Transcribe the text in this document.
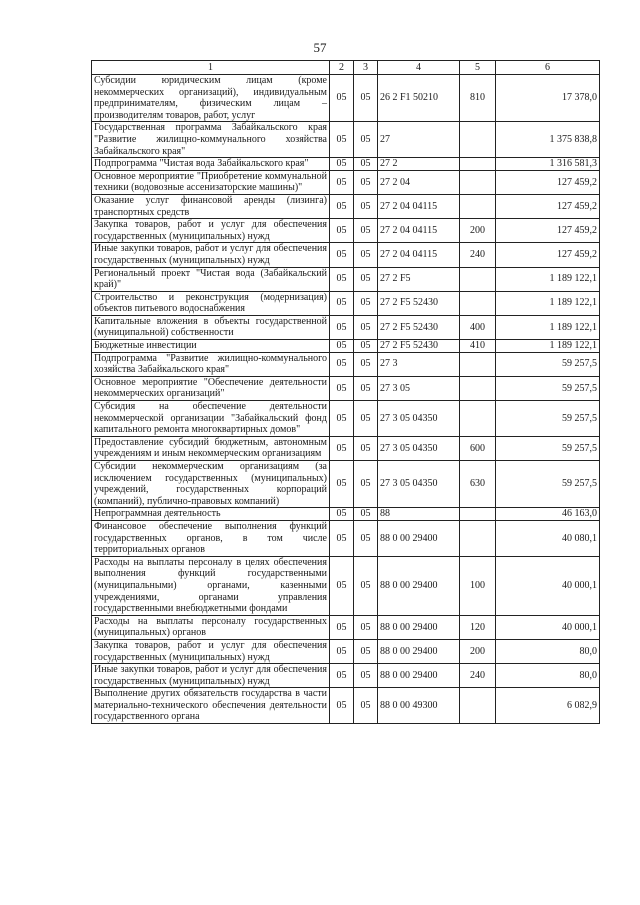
57
1	2	3	4	5	6
Субсидии юридическим лицам (кроме некоммерческих организаций), индивидуальным предпринимателям, физическим лицам – производителям товаров, работ, услуг	05	05	26 2 F1 50210	810	17 378,0
Государственная программа Забайкальского края "Развитие жилищно-коммунального хозяйства Забайкальского края"	05	05	27		1 375 838,8
Подпрограмма "Чистая вода Забайкальского края"	05	05	27 2		1 316 581,3
Основное мероприятие "Приобретение коммунальной техники (водовозные ассенизаторские машины)"	05	05	27 2 04		127 459,2
Оказание услуг финансовой аренды (лизинга) транспортных средств	05	05	27 2 04 04115		127 459,2
Закупка товаров, работ и услуг для обеспечения государственных (муниципальных) нужд	05	05	27 2 04 04115	200	127 459,2
Иные закупки товаров, работ и услуг для обеспечения государственных (муниципальных) нужд	05	05	27 2 04 04115	240	127 459,2
Региональный проект "Чистая вода (Забайкальский край)"	05	05	27 2 F5		1 189 122,1
Строительство и реконструкция (модернизация) объектов питьевого водоснабжения	05	05	27 2 F5 52430		1 189 122,1
Капитальные вложения в объекты государственной (муниципальной) собственности	05	05	27 2 F5 52430	400	1 189 122,1
Бюджетные инвестиции	05	05	27 2 F5 52430	410	1 189 122,1
Подпрограмма "Развитие жилищно-коммунального хозяйства Забайкальского края"	05	05	27 3		59 257,5
Основное мероприятие "Обеспечение деятельности некоммерческих организаций"	05	05	27 3 05		59 257,5
Субсидия на обеспечение деятельности некоммерческой организации "Забайкальский фонд капитального ремонта многоквартирных домов"	05	05	27 3 05 04350		59 257,5
Предоставление субсидий бюджетным, автономным учреждениям и иным некоммерческим организациям	05	05	27 3 05 04350	600	59 257,5
Субсидии некоммерческим организациям (за исключением государственных (муниципальных) учреждений, государственных корпораций (компаний), публично-правовых компаний)	05	05	27 3 05 04350	630	59 257,5
Непрограммная деятельность	05	05	88		46 163,0
Финансовое обеспечение выполнения функций государственных органов, в том числе территориальных органов	05	05	88 0 00 29400		40 080,1
Расходы на выплаты персоналу в целях обеспечения выполнения функций государственными (муниципальными) органами, казенными учреждениями, органами управления государственными внебюджетными фондами	05	05	88 0 00 29400	100	40 000,1
Расходы на выплаты персоналу государственных (муниципальных) органов	05	05	88 0 00 29400	120	40 000,1
Закупка товаров, работ и услуг для обеспечения государственных (муниципальных) нужд	05	05	88 0 00 29400	200	80,0
Иные закупки товаров, работ и услуг для обеспечения государственных (муниципальных) нужд	05	05	88 0 00 29400	240	80,0
Выполнение других обязательств государства в части материально-технического обеспечения деятельности государственного органа	05	05	88 0 00 49300		6 082,9
